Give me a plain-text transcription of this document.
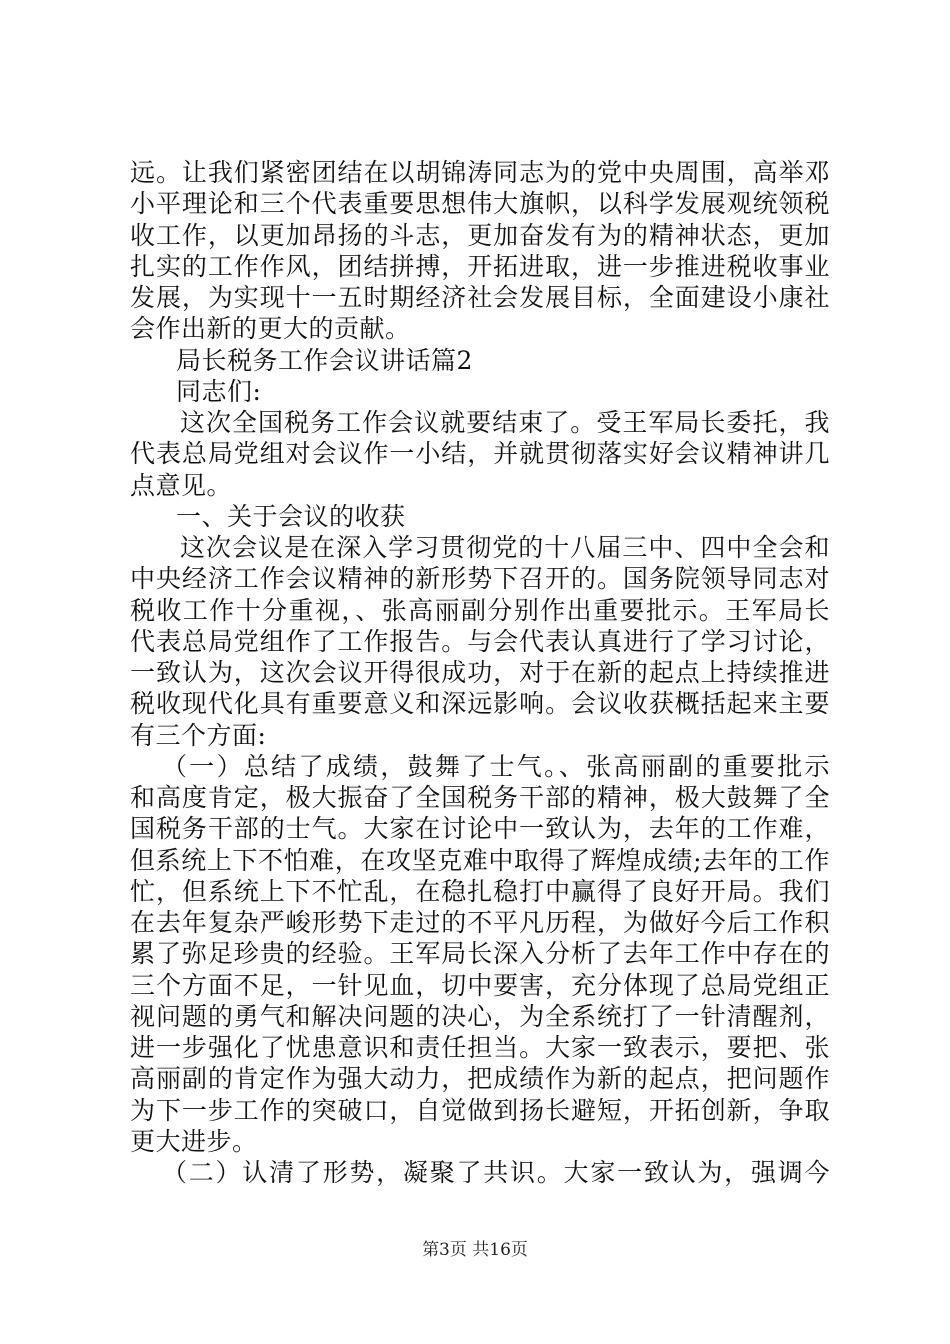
远。让我们紧密团结在以胡锦涛同志为的党中央周围，高举邓
小平理论和三个代表重要思想伟大旗帜，以科学发展观统领税
收工作，以更加昂扬的斗志，更加奋发有为的精神状态，更加
扎实的工作作风，团结拼搏，开拓进取，进一步推进税收事业
发展，为实现十一五时期经济社会发展目标，全面建设小康社
会作出新的更大的贡献。
局长税务工作会议讲话篇2
同志们:
这次全国税务工作会议就要结束了。受王军局长委托，我
代表总局党组对会议作一小结，并就贯彻落实好会议精神讲几
点意见。
一、关于会议的收获
这次会议是在深入学习贯彻党的十八届三中、四中全会和
中央经济工作会议精神的新形势下召开的。国务院领导同志对
税收工作十分重视，、张高丽副分别作出重要批示。王军局长
代表总局党组作了工作报告。与会代表认真进行了学习讨论，
一致认为，这次会议开得很成功，对于在新的起点上持续推进
税收现代化具有重要意义和深远影响。会议收获概括起来主要
有三个方面:
（一）总结了成绩，鼓舞了士气。、张高丽副的重要批示
和高度肯定，极大振奋了全国税务干部的精神，极大鼓舞了全
国税务干部的士气。大家在讨论中一致认为，去年的工作难，
但系统上下不怕难，在攻坚克难中取得了辉煌成绩;去年的工作
忙，但系统上下不忙乱，在稳扎稳打中赢得了良好开局。我们
在去年复杂严峻形势下走过的不平凡历程，为做好今后工作积
累了弥足珍贵的经验。王军局长深入分析了去年工作中存在的
三个方面不足，一针见血，切中要害，充分体现了总局党组正
视问题的勇气和解决问题的决心，为全系统打了一针清醒剂，
进一步强化了忧患意识和责任担当。大家一致表示，要把、张
高丽副的肯定作为强大动力，把成绩作为新的起点，把问题作
为下一步工作的突破口，自觉做到扬长避短，开拓创新，争取
更大进步。
（二）认清了形势，凝聚了共识。大家一致认为，强调今
第3页 共16页
